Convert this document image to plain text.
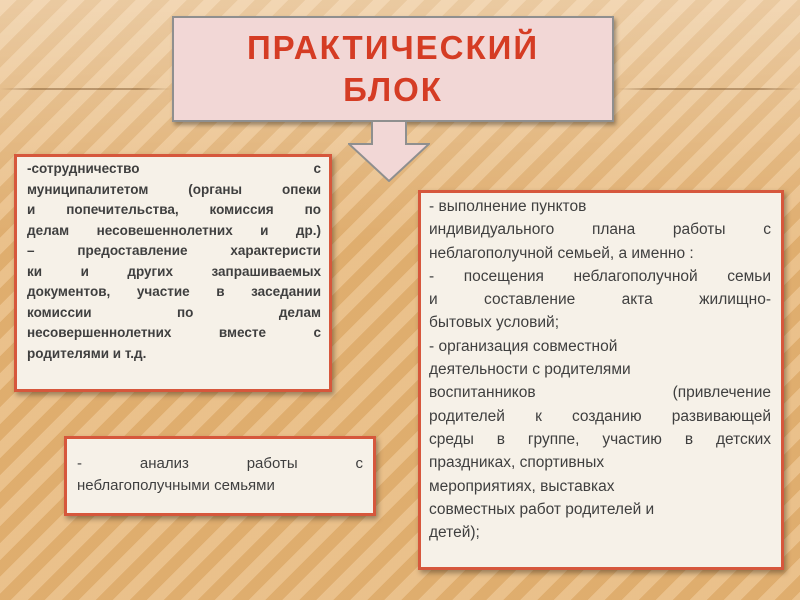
ПРАКТИЧЕСКИЙ
БЛОК
-сотрудничество с
муниципалитетом (органы опеки
и попечительства, комиссия по
делам несовешеннолетних и др.)
– предоставление характеристи
ки и других запрашиваемых
документов, участие в заседании
комиссии по делам
несовершеннолетних вместе с
родителями и т.д.
- анализ работы с
неблагополучными семьями
- выполнение пунктов
индивидуального плана работы с
неблагополучной семьей, а именно :
- посещения неблагополучной семьи
и составление акта жилищно-
бытовых условий;
- организация совместной
деятельности с родителями
воспитанников (привлечение
родителей к созданию развивающей
среды в группе, участию в детских
праздниках, спортивных
мероприятиях, выставках
совместных работ родителей и
детей);
